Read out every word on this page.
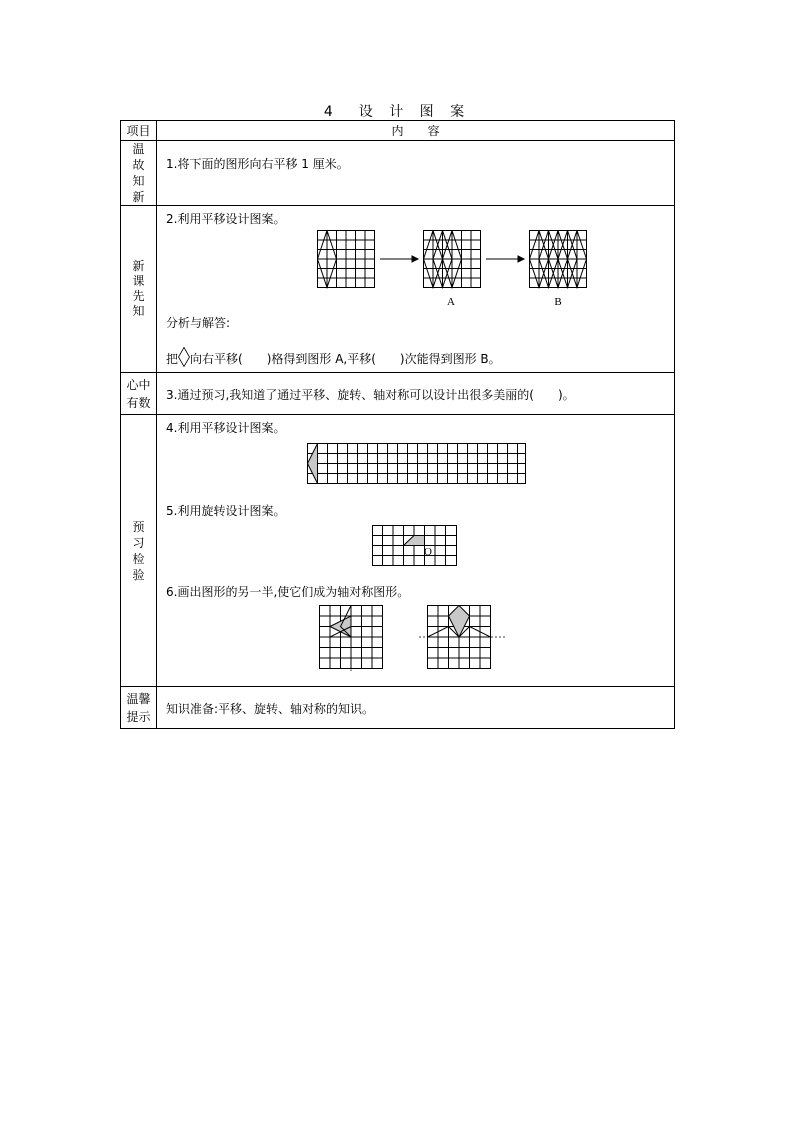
4　设 计 图 案
项目	内　　容

温故知新	1.将下面的图形向右平移 1 厘米。

新课先知	2.利用平移设计图案。
A B
分析与解答:
把 向右平移(　　)格得到图形 A,平移(　　)次能得到图形 B。

心中有数	3.通过预习,我知道了通过平移、旋转、轴对称可以设计出很多美丽的(　　)。

预习检验	4.利用平移设计图案。
5.利用旋转设计图案。
O
6.画出图形的另一半,使它们成为轴对称图形。

温馨提示	知识准备:平移、旋转、轴对称的知识。
